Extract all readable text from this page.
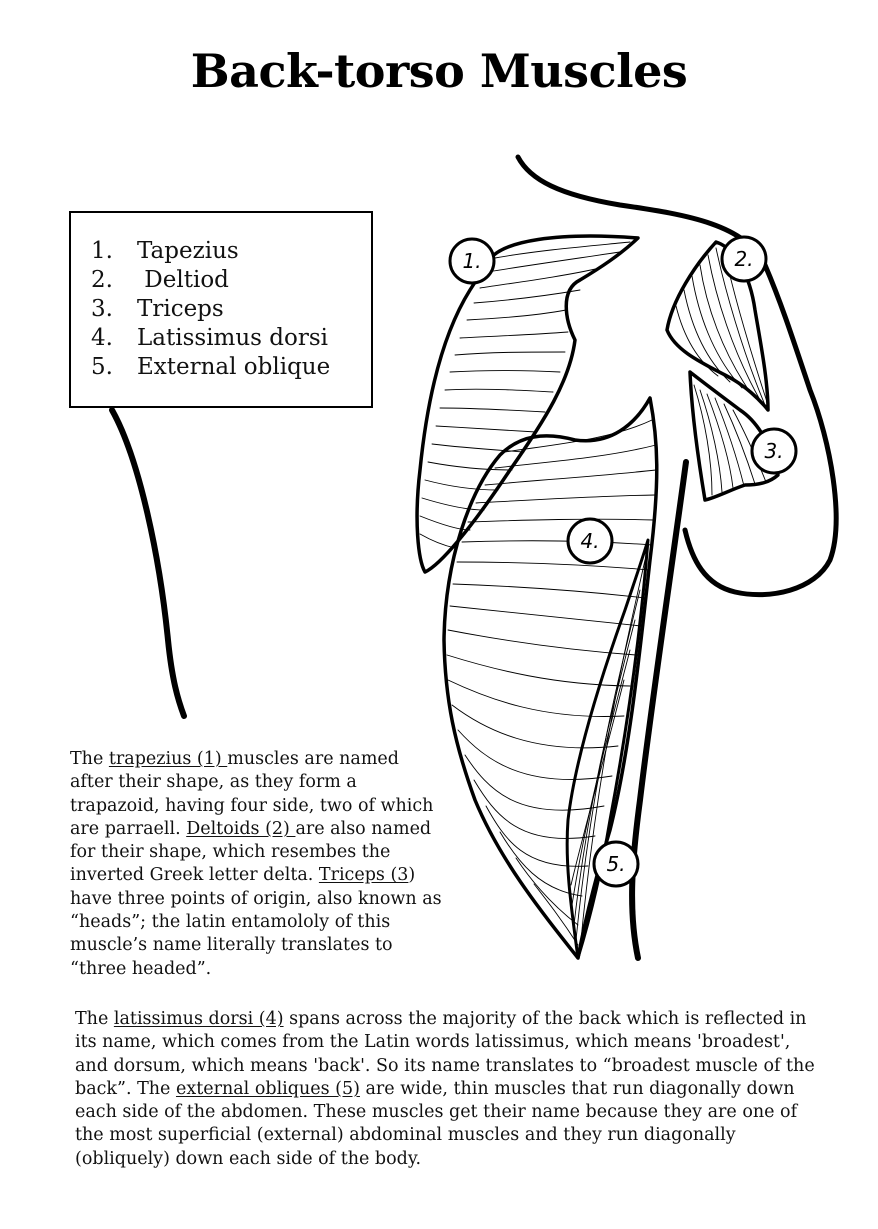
Back-torso Muscles
1.	2.
3.
4.
5.
1. Tapezius
2. Deltiod
3. Triceps
4. Latissimus dorsi
5. External oblique
The trapezius (1) muscles are named after their shape, as they form a trapazoid, having four side, two of which are parraell. Deltoids (2) are also named for their shape, which resembes the inverted Greek letter delta. Triceps (3) have three points of origin, also known as “heads”; the latin entamololy of this muscle’s name literally translates to “three headed”.
The latissimus dorsi (4) spans across the majority of the back which is reflected in its name, which comes from the Latin words latissimus, which means 'broadest', and dorsum, which means 'back'. So its name translates to “broadest muscle of the back”. The external obliques (5) are wide, thin muscles that run diagonally down each side of the abdomen. These muscles get their name because they are one of the most superficial (external) abdominal muscles and they run diagonally (obliquely) down each side of the body.
